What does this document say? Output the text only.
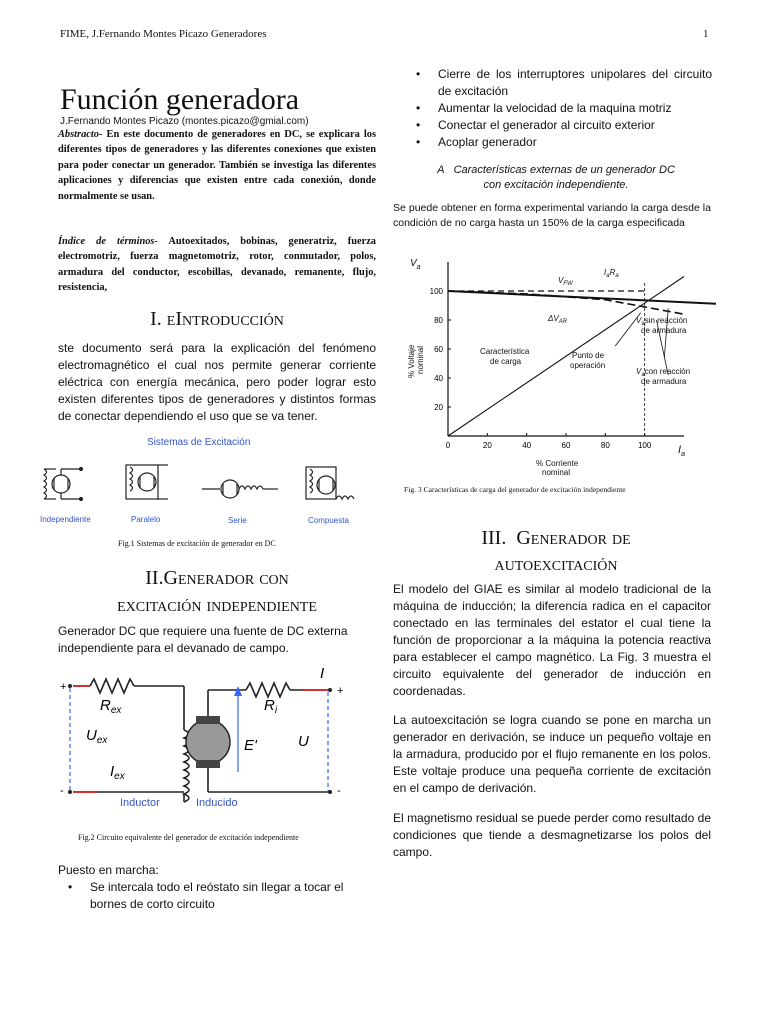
FIME, J.Fernando Montes Picazo Generadores	1
Función generadora
J.Fernando Montes Picazo (montes.picazo@gmial.com)
Abstracto- En este documento de generadores en DC, se explicara los diferentes tipos de generadores y las diferentes conexiones que existen para poder conectar un generador. También se investiga las diferentes aplicaciones y diferencias que existen entre cada conexión, donde normalmente se usan.
Índice de términos- Autoexitados, bobinas, generatriz, fuerza electromotriz, fuerza magnetomotriz, rotor, conmutador, polos, armadura del conductor, escobillas, devanado, remanente, flujo, resistencia,
I. EIntroducción
ste documento será para la explicación del fenómeno electromagnético el cual nos permite generar corriente eléctrica con energía mecánica, pero poder lograr esto existen diferentes tipos de generadores y distintos formas de conectar dependiendo el uso que se va tener.
Sistemas de Excitación
Independiente	Paralelo	Serie	Compuesta
Fig.1 Sistemas de excitación de generador en DC
II.Generador con
excitación independiente
Generador DC que requiere una fuente de DC externa independiente para el devanado de campo.
+
-
+
-
$R_{ex}$
$U_{ex}$
$I_{ex}$
$R_i$
E'	U
I
Inductor	Inducido
Fig.2 Circuito equivalente del generador de excitación independiente
Puesto en marcha:
• Se intercala todo el reóstato sin llegar a tocar el bornes de corto circuito
• Cierre de los interruptores unipolares del circuito de excitación
• Aumentar la velocidad de la maquina motriz
• Conectar el generador al circuito exterior
• Acoplar generador
A Características externas de un generador DC
con excitación independiente.
Se puede obtener en forma experimental variando la carga desde la condición de no carga hasta un 150% de la carga especificada
0	20	40	60	80	100
20
40
60
80
100
$V_a$
$I_a$
$V_{FW}$
$I_aR_a$
$\Delta V_{AR}$	$V_a\sin$ reacción
de armadura
$V_acon$ reacción
de armadura
Característica
de carga
Punto de
operación
% Corriente
nominal
% Voltaje nominal
Fig. 3 Características de carga del generador de excitación independiente
III. Generador de
autoexcitación
El modelo del GIAE es similar al modelo tradicional de la máquina de inducción; la diferencia radica en el capacitor conectado en las terminales del estator el cual tiene la función de proporcionar a la máquina la potencia reactiva para establecer el campo magnético. La Fig. 3 muestra el circuito equivalente del generador de inducción en coordenadas.
La autoexcitación se logra cuando se pone en marcha un generador en derivación, se induce un pequeño voltaje en la armadura, producido por el flujo remanente en los polos. Este voltaje produce una pequeña corriente de excitación en el campo de derivación.
El magnetismo residual se puede perder como resultado de condiciones que tiende a desmagnetizarse los polos del campo.
